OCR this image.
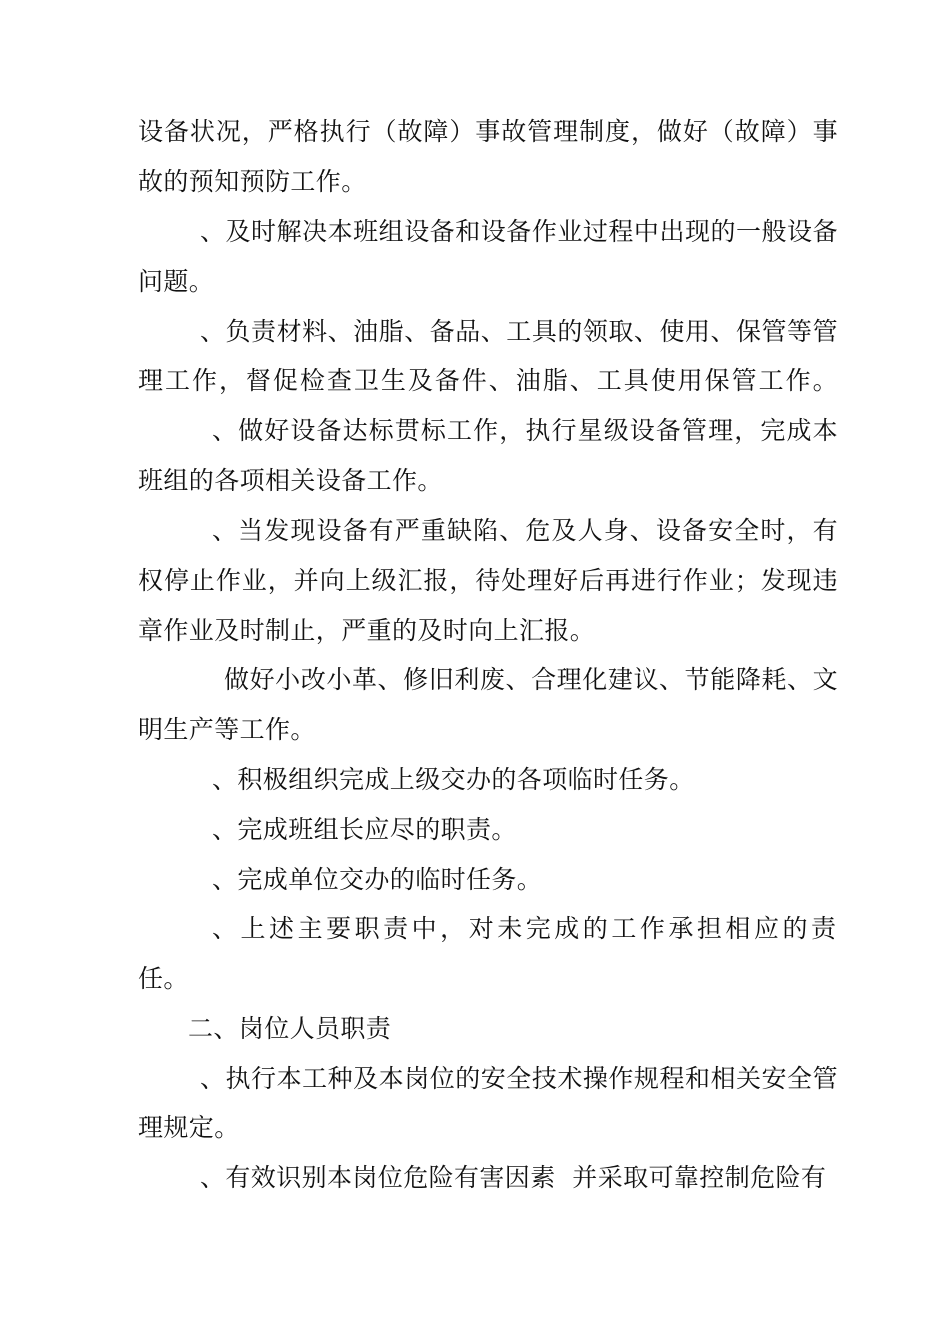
设备状况，严格执行（故障）事故管理制度，做好（故障）事
故的预知预防工作。
、及时解决本班组设备和设备作业过程中出现的一般设备
问题。
、负责材料、油脂、备品、工具的领取、使用、保管等管
理工作，督促检查卫生及备件、油脂、工具使用保管工作。
、做好设备达标贯标工作，执行星级设备管理，完成本
班组的各项相关设备工作。
、当发现设备有严重缺陷、危及人身、设备安全时，有
权停止作业，并向上级汇报，待处理好后再进行作业；发现违
章作业及时制止，严重的及时向上汇报。
做好小改小革、修旧利废、合理化建议、节能降耗、文
明生产等工作。
、积极组织完成上级交办的各项临时任务。
、完成班组长应尽的职责。
、完成单位交办的临时任务。
、上述主要职责中，对未完成的工作承担相应的责
任。
二、岗位人员职责
、执行本工种及本岗位的安全技术操作规程和相关安全管
理规定。
、有效识别本岗位危险有害因素  并采取可靠控制危险有
